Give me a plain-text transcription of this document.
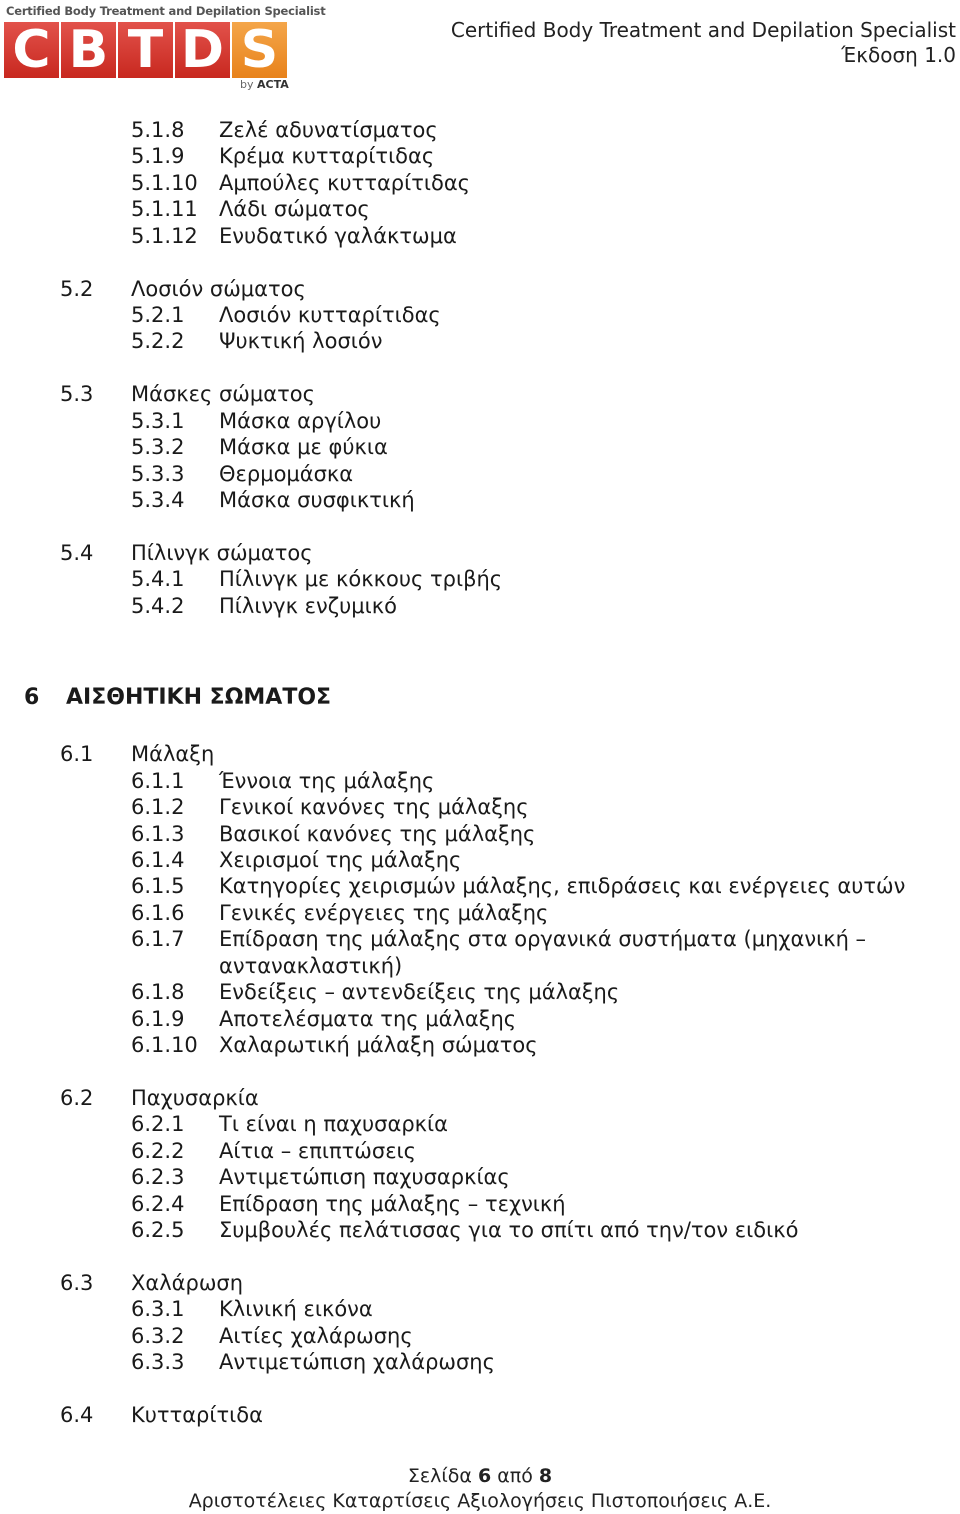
Certified Body Treatment and Depilation Specialist
C B T D S
by ACTA
Certified Body Treatment and Depilation Specialist
Έκδοση 1.0
5.1.8 Ζελέ αδυνατίσματος
5.1.9 Κρέμα κυτταρίτιδας
5.1.10 Αμπούλες κυτταρίτιδας
5.1.11 Λάδι σώματος
5.1.12 Ενυδατικό γαλάκτωμα
5.2 Λοσιόν σώματος
5.2.1 Λοσιόν κυτταρίτιδας
5.2.2 Ψυκτική λοσιόν
5.3 Μάσκες σώματος
5.3.1 Μάσκα αργίλου
5.3.2 Μάσκα με φύκια
5.3.3 Θερμομάσκα
5.3.4 Μάσκα συσφικτική
5.4 Πίλινγκ σώματος
5.4.1 Πίλινγκ με κόκκους τριβής
5.4.2 Πίλινγκ ενζυμικό
6 ΑΙΣΘΗΤΙΚΗ ΣΩΜΑΤΟΣ
6.1 Μάλαξη
6.1.1 Έννοια της μάλαξης
6.1.2 Γενικοί κανόνες της μάλαξης
6.1.3 Βασικοί κανόνες της μάλαξης
6.1.4 Χειρισμοί της μάλαξης
6.1.5 Κατηγορίες χειρισμών μάλαξης, επιδράσεις και ενέργειες αυτών
6.1.6 Γενικές ενέργειες της μάλαξης
6.1.7 Επίδραση της μάλαξης στα οργανικά συστήματα (μηχανική –
αντανακλαστική)
6.1.8 Ενδείξεις – αντενδείξεις της μάλαξης
6.1.9 Αποτελέσματα της μάλαξης
6.1.10 Χαλαρωτική μάλαξη σώματος
6.2 Παχυσαρκία
6.2.1 Τι είναι η παχυσαρκία
6.2.2 Αίτια – επιπτώσεις
6.2.3 Αντιμετώπιση παχυσαρκίας
6.2.4 Επίδραση της μάλαξης – τεχνική
6.2.5 Συμβουλές πελάτισσας για το σπίτι από την/τον ειδικό
6.3 Χαλάρωση
6.3.1 Κλινική εικόνα
6.3.2 Αιτίες χαλάρωσης
6.3.3 Αντιμετώπιση χαλάρωσης
6.4 Κυτταρίτιδα
Σελίδα 6 από 8
Αριστοτέλειες Καταρτίσεις Αξιολογήσεις Πιστοποιήσεις Α.Ε.
